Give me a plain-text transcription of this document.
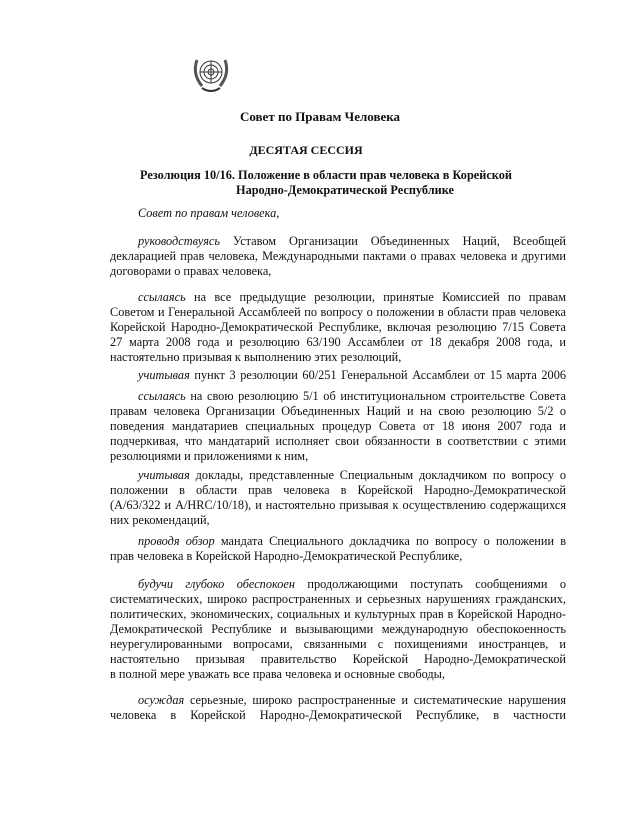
Совет по Правам Человека
ДЕСЯТАЯ СЕССИЯ
Резолюция 10/16. Положение в области прав человека в Корейской
Народно-Демократической Республике
Совет по правам человека,
руководствуясь Уставом Организации Объединенных Наций, Всеобщей
декларацией прав человека, Международными пактами о правах человека и другими
договорами о правах человека,
ссылаясь на все предыдущие резолюции, принятые Комиссией по правам
Советом и Генеральной Ассамблеей по вопросу о положении в области прав человека
Корейской Народно-Демократической Республике, включая резолюцию 7/15 Совета
27 марта 2008 года и резолюцию 63/190 Ассамблеи от 18 декабря 2008 года, и
настоятельно призывая к выполнению этих резолюций,
учитывая пункт 3 резолюции 60/251 Генеральной Ассамблеи от 15 марта 2006
ссылаясь на свою резолюцию 5/1 об институциональном строительстве Совета
правам человека Организации Объединенных Наций и на свою резолюцию 5/2 о
поведения мандатариев специальных процедур Совета от 18 июня 2007 года и
подчеркивая, что мандатарий исполняет свои обязанности в соответствии с этими
резолюциями и приложениями к ним,
учитывая доклады, представленные Специальным докладчиком по вопросу о
положении в области прав человека в Корейской Народно-Демократической
(A/63/322 и A/HRC/10/18), и настоятельно призывая к осуществлению содержащихся
них рекомендаций,
проводя обзор мандата Специального докладчика по вопросу о положении в
прав человека в Корейской Народно-Демократической Республике,
будучи глубоко обеспокоен продолжающими поступать сообщениями о
систематических, широко распространенных и серьезных нарушениях гражданских,
политических, экономических, социальных и культурных прав в Корейской Народно-
Демократической Республике и вызывающими международную обеспокоенность
неурегулированными вопросами, связанными с похищениями иностранцев, и
настоятельно призывая правительство Корейской Народно-Демократической
в полной мере уважать все права человека и основные свободы,
осуждая серьезные, широко распространенные и систематические нарушения
человека в Корейской Народно-Демократической Республике, в частности
